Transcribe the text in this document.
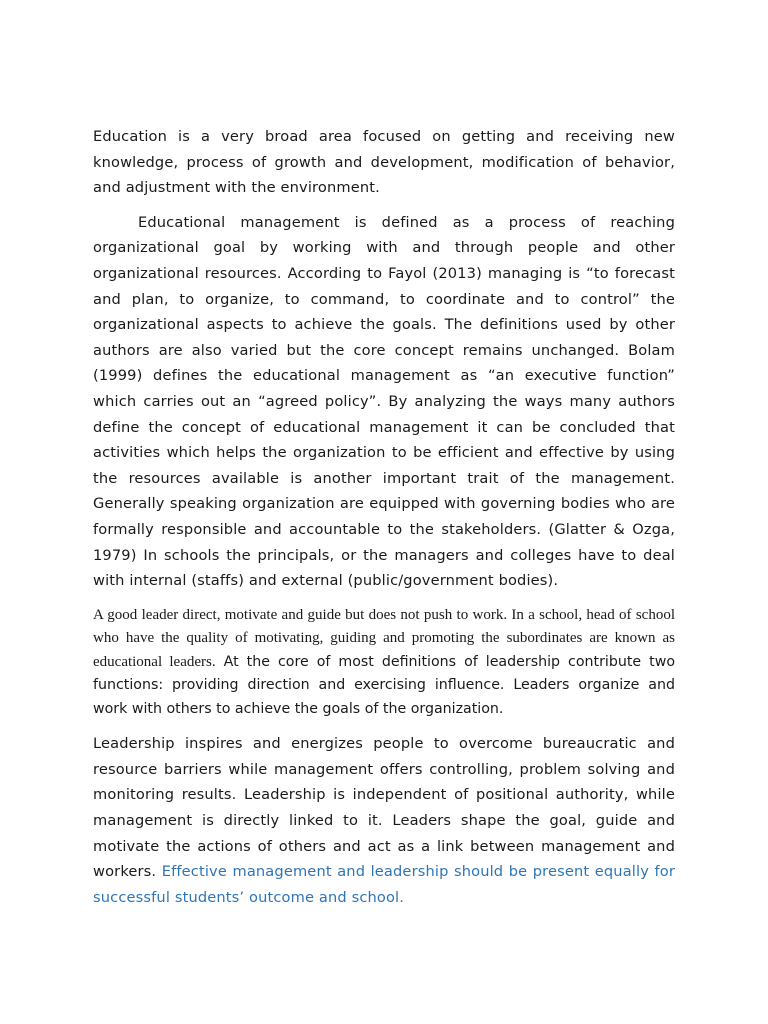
Education is a very broad area focused on getting and receiving new knowledge, process of growth and development, modification of behavior, and adjustment with the environment.

Educational management is defined as a process of reaching organizational goal by working with and through people and other organizational resources. According to Fayol (2013) managing is “to forecast and plan, to organize, to command, to coordinate and to control” the organizational aspects to achieve the goals. The definitions used by other authors are also varied but the core concept remains unchanged. Bolam (1999) defines the educational management as “an executive function” which carries out an “agreed policy”. By analyzing the ways many authors define the concept of educational management it can be concluded that activities which helps the organization to be efficient and effective by using the resources available is another important trait of the management. Generally speaking organization are equipped with governing bodies who are formally responsible and accountable to the stakeholders. (Glatter & Ozga, 1979) In schools the principals, or the managers and colleges have to deal with internal (staffs) and external (public/government bodies).

A good leader direct, motivate and guide but does not push to work. In a school, head of school who have the quality of motivating, guiding and promoting the subordinates are known as educational leaders. At the core of most definitions of leadership contribute two functions: providing direction and exercising influence. Leaders organize and work with others to achieve the goals of the organization.

Leadership inspires and energizes people to overcome bureaucratic and resource barriers while management offers controlling, problem solving and monitoring results. Leadership is independent of positional authority, while management is directly linked to it. Leaders shape the goal, guide and motivate the actions of others and act as a link between management and workers. Effective management and leadership should be present equally for successful students’ outcome and school.
